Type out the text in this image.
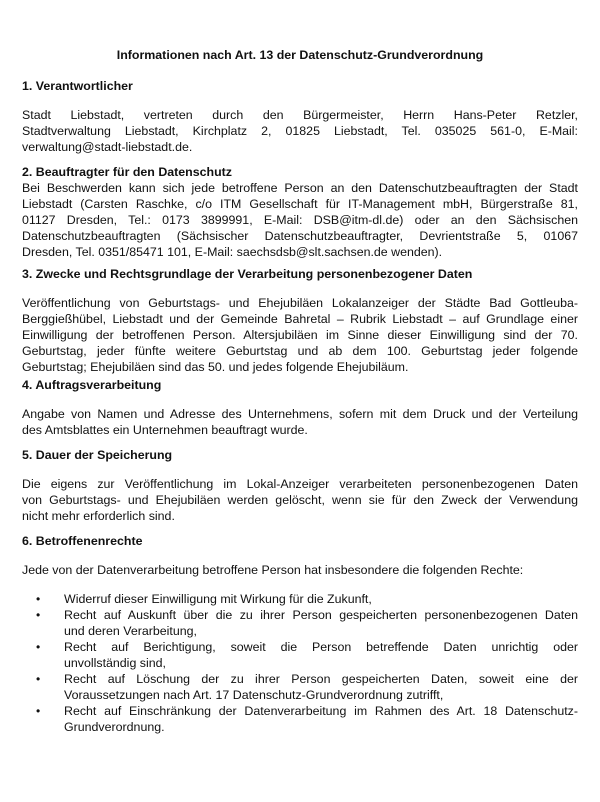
Informationen nach Art. 13 der Datenschutz-Grundverordnung
1. Verantwortlicher
Stadt Liebstadt, vertreten durch den Bürgermeister, Herrn Hans-Peter Retzler,
Stadtverwaltung Liebstadt, Kirchplatz 2, 01825 Liebstadt, Tel. 035025 561-0, E-Mail:
verwaltung@stadt-liebstadt.de.
2. Beauftragter für den Datenschutz
Bei Beschwerden kann sich jede betroffene Person an den Datenschutzbeauftragten der Stadt
Liebstadt (Carsten Raschke, c/o ITM Gesellschaft für IT-Management mbH, Bürgerstraße 81,
01127 Dresden, Tel.: 0173 3899991, E-Mail: DSB@itm-dl.de) oder an den Sächsischen
Datenschutzbeauftragten (Sächsischer Datenschutzbeauftragter, Devrientstraße 5, 01067
Dresden, Tel. 0351/85471 101, E-Mail: saechsdsb@slt.sachsen.de wenden).
3. Zwecke und Rechtsgrundlage der Verarbeitung personenbezogener Daten
Veröffentlichung von Geburtstags- und Ehejubiläen Lokalanzeiger der Städte Bad Gottleuba-
Berggießhübel, Liebstadt und der Gemeinde Bahretal – Rubrik Liebstadt – auf Grundlage einer
Einwilligung der betroffenen Person. Altersjubiläen im Sinne dieser Einwilligung sind der 70.
Geburtstag, jeder fünfte weitere Geburtstag und ab dem 100. Geburtstag jeder folgende
Geburtstag; Ehejubiläen sind das 50. und jedes folgende Ehejubiläum.
4. Auftragsverarbeitung
Angabe von Namen und Adresse des Unternehmens, sofern mit dem Druck und der Verteilung
des Amtsblattes ein Unternehmen beauftragt wurde.
5. Dauer der Speicherung
Die eigens zur Veröffentlichung im Lokal-Anzeiger verarbeiteten personenbezogenen Daten
von Geburtstags- und Ehejubiläen werden gelöscht, wenn sie für den Zweck der Verwendung
nicht mehr erforderlich sind.
6. Betroffenenrechte
Jede von der Datenverarbeitung betroffene Person hat insbesondere die folgenden Rechte:
•	Widerruf dieser Einwilligung mit Wirkung für die Zukunft,
•	Recht auf Auskunft über die zu ihrer Person gespeicherten personenbezogenen Daten
und deren Verarbeitung,
•	Recht auf Berichtigung, soweit die Person betreffende Daten unrichtig oder
unvollständig sind,
•	Recht auf Löschung der zu ihrer Person gespeicherten Daten, soweit eine der
Voraussetzungen nach Art. 17 Datenschutz-Grundverordnung zutrifft,
•	Recht auf Einschränkung der Datenverarbeitung im Rahmen des Art. 18 Datenschutz-
Grundverordnung.
